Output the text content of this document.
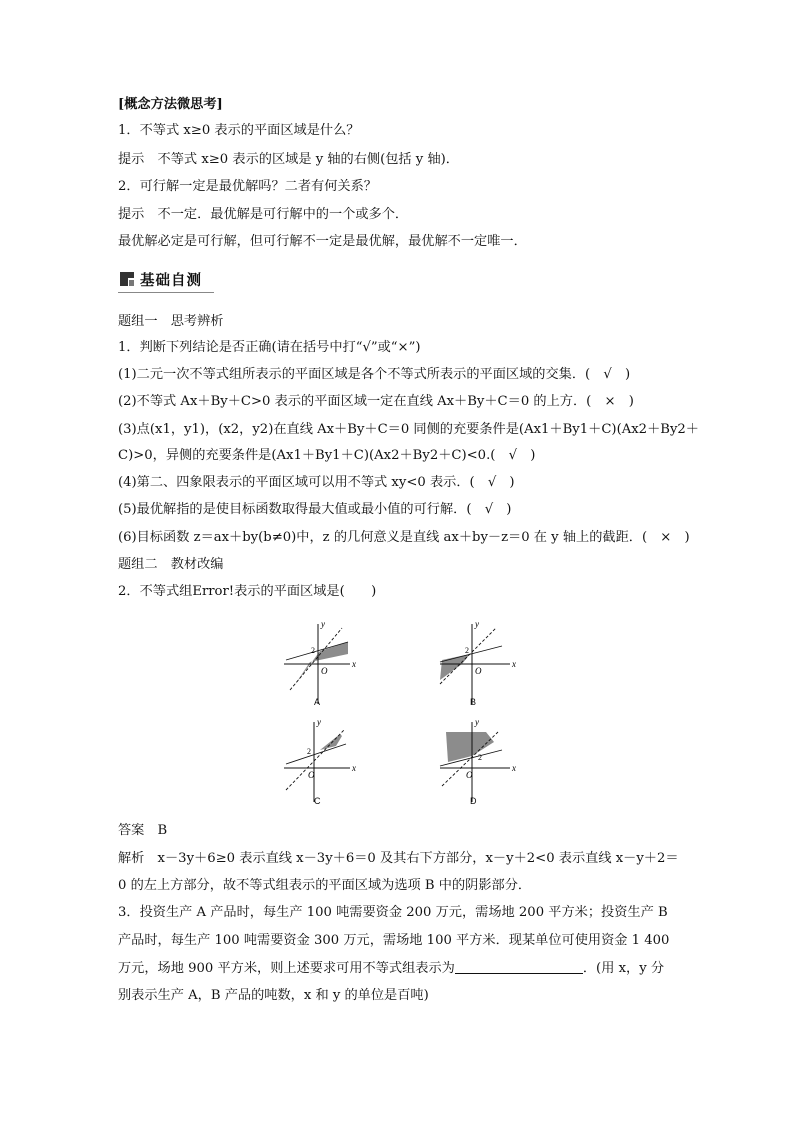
[概念方法微思考]
1．不等式 x≥0 表示的平面区域是什么？
提示　不等式 x≥0 表示的区域是 y 轴的右侧(包括 y 轴)．
2．可行解一定是最优解吗？二者有何关系？
提示　不一定．最优解是可行解中的一个或多个．
最优解必定是可行解，但可行解不一定是最优解，最优解不一定唯一．
基础自测
题组一　思考辨析
1．判断下列结论是否正确(请在括号中打“√”或“×”)
(1)二元一次不等式组所表示的平面区域是各个不等式所表示的平面区域的交集．(　√　)
(2)不等式 Ax＋By＋C>0 表示的平面区域一定在直线 Ax＋By＋C＝0 的上方．(　×　)
(3)点(x1，y1)，(x2，y2)在直线 Ax＋By＋C＝0 同侧的充要条件是(Ax1＋By1＋C)(Ax2＋By2＋
C)>0，异侧的充要条件是(Ax1＋By1＋C)(Ax2＋By2＋C)<0.(　√　)
(4)第二、四象限表示的平面区域可以用不等式 xy<0 表示．(　√　)
(5)最优解指的是使目标函数取得最大值或最小值的可行解．(　√　)
(6)目标函数 z＝ax＋by(b≠0)中，z 的几何意义是直线 ax＋by－z＝0 在 y 轴上的截距．(　×　)
题组二　教材改编
2．不等式组Error!表示的平面区域是(　　)
x
y
O
2
A
x
y
O
2
B
x
y
O
2
C
x
y
O
2
D
答案　B
解析　x－3y＋6≥0 表示直线 x－3y＋6＝0 及其右下方部分，x－y＋2<0 表示直线 x－y＋2＝
0 的左上方部分，故不等式组表示的平面区域为选项 B 中的阴影部分．
3．投资生产 A 产品时，每生产 100 吨需要资金 200 万元，需场地 200 平方米；投资生产 B
产品时，每生产 100 吨需要资金 300 万元，需场地 100 平方米．现某单位可使用资金 1 400
万元，场地 900 平方米，则上述要求可用不等式组表示为	．(用 x，y 分
别表示生产 A，B 产品的吨数，x 和 y 的单位是百吨)
